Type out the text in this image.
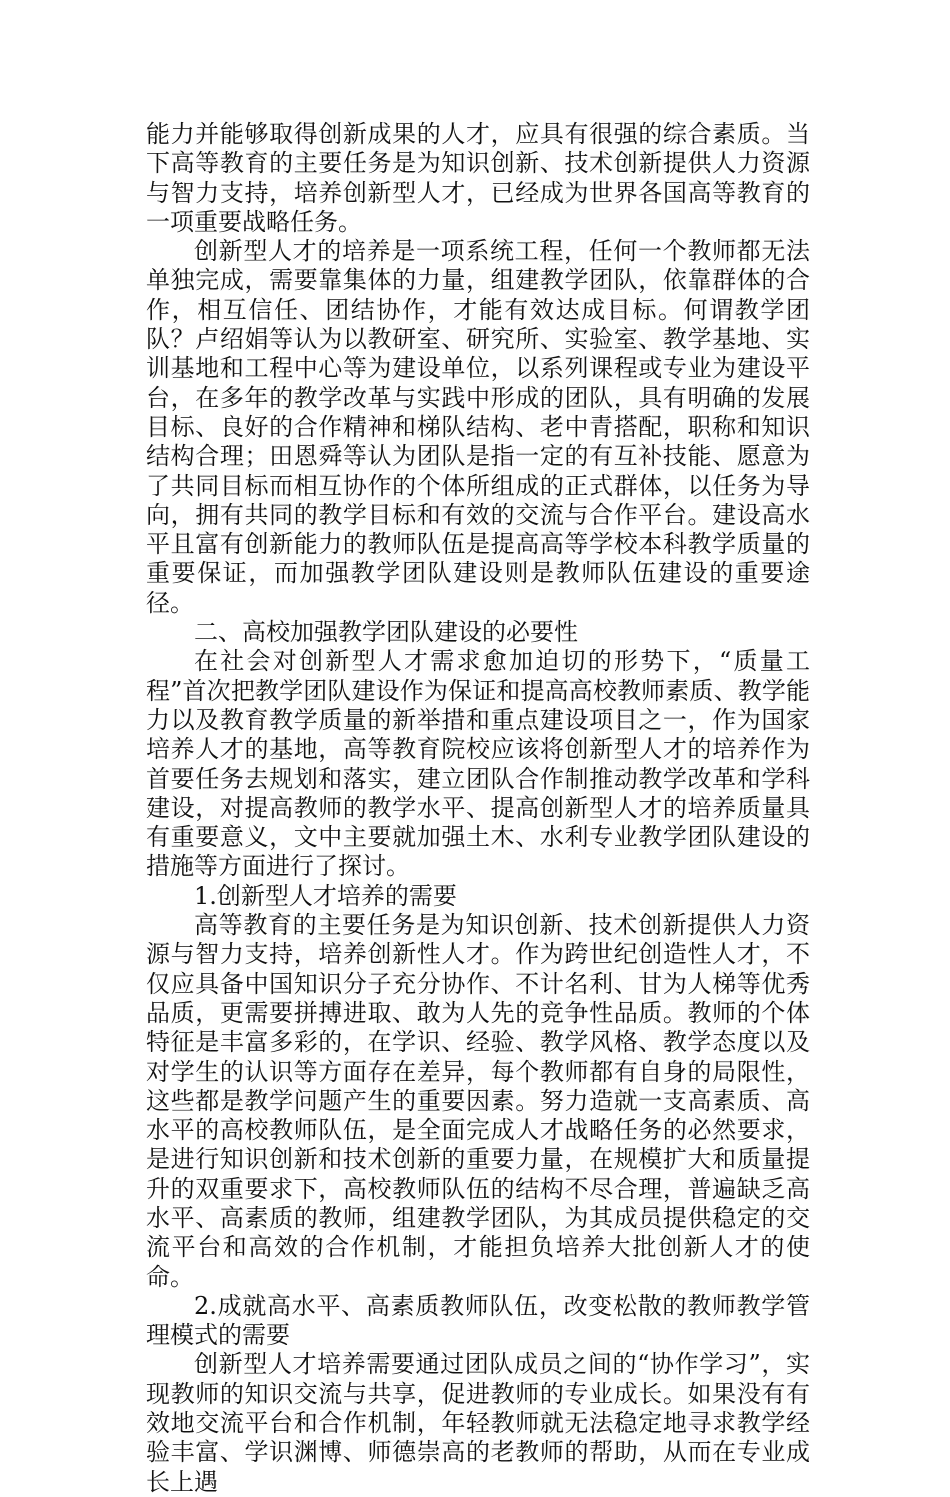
能力并能够取得创新成果的人才，应具有很强的综合素质。当下高等教育的主要任务是为知识创新、技术创新提供人力资源与智力支持，培养创新型人才，已经成为世界各国高等教育的一项重要战略任务。

创新型人才的培养是一项系统工程，任何一个教师都无法单独完成，需要靠集体的力量，组建教学团队，依靠群体的合作，相互信任、团结协作，才能有效达成目标。何谓教学团队？卢绍娟等认为以教研室、研究所、实验室、教学基地、实训基地和工程中心等为建设单位，以系列课程或专业为建设平台，在多年的教学改革与实践中形成的团队，具有明确的发展目标、良好的合作精神和梯队结构、老中青搭配，职称和知识结构合理；田恩舜等认为团队是指一定的有互补技能、愿意为了共同目标而相互协作的个体所组成的正式群体，以任务为导向，拥有共同的教学目标和有效的交流与合作平台。建设高水平且富有创新能力的教师队伍是提高高等学校本科教学质量的重要保证，而加强教学团队建设则是教师队伍建设的重要途径。

二、高校加强教学团队建设的必要性

在社会对创新型人才需求愈加迫切的形势下，“质量工程”首次把教学团队建设作为保证和提高高校教师素质、教学能力以及教育教学质量的新举措和重点建设项目之一，作为国家培养人才的基地，高等教育院校应该将创新型人才的培养作为首要任务去规划和落实，建立团队合作制推动教学改革和学科建设，对提高教师的教学水平、提高创新型人才的培养质量具有重要意义，文中主要就加强土木、水利专业教学团队建设的措施等方面进行了探讨。

1.创新型人才培养的需要

高等教育的主要任务是为知识创新、技术创新提供人力资源与智力支持，培养创新性人才。作为跨世纪创造性人才，不仅应具备中国知识分子充分协作、不计名利、甘为人梯等优秀品质，更需要拼搏进取、敢为人先的竞争性品质。教师的个体特征是丰富多彩的，在学识、经验、教学风格、教学态度以及对学生的认识等方面存在差异，每个教师都有自身的局限性，这些都是教学问题产生的重要因素。努力造就一支高素质、高水平的高校教师队伍，是全面完成人才战略任务的必然要求，是进行知识创新和技术创新的重要力量，在规模扩大和质量提升的双重要求下，高校教师队伍的结构不尽合理，普遍缺乏高水平、高素质的教师，组建教学团队，为其成员提供稳定的交流平台和高效的合作机制，才能担负培养大批创新人才的使命。

2.成就高水平、高素质教师队伍，改变松散的教师教学管理模式的需要

创新型人才培养需要通过团队成员之间的“协作学习”，实现教师的知识交流与共享，促进教师的专业成长。如果没有有效地交流平台和合作机制，年轻教师就无法稳定地寻求教学经验丰富、学识渊博、师德崇高的老教师的帮助，从而在专业成长上遇
